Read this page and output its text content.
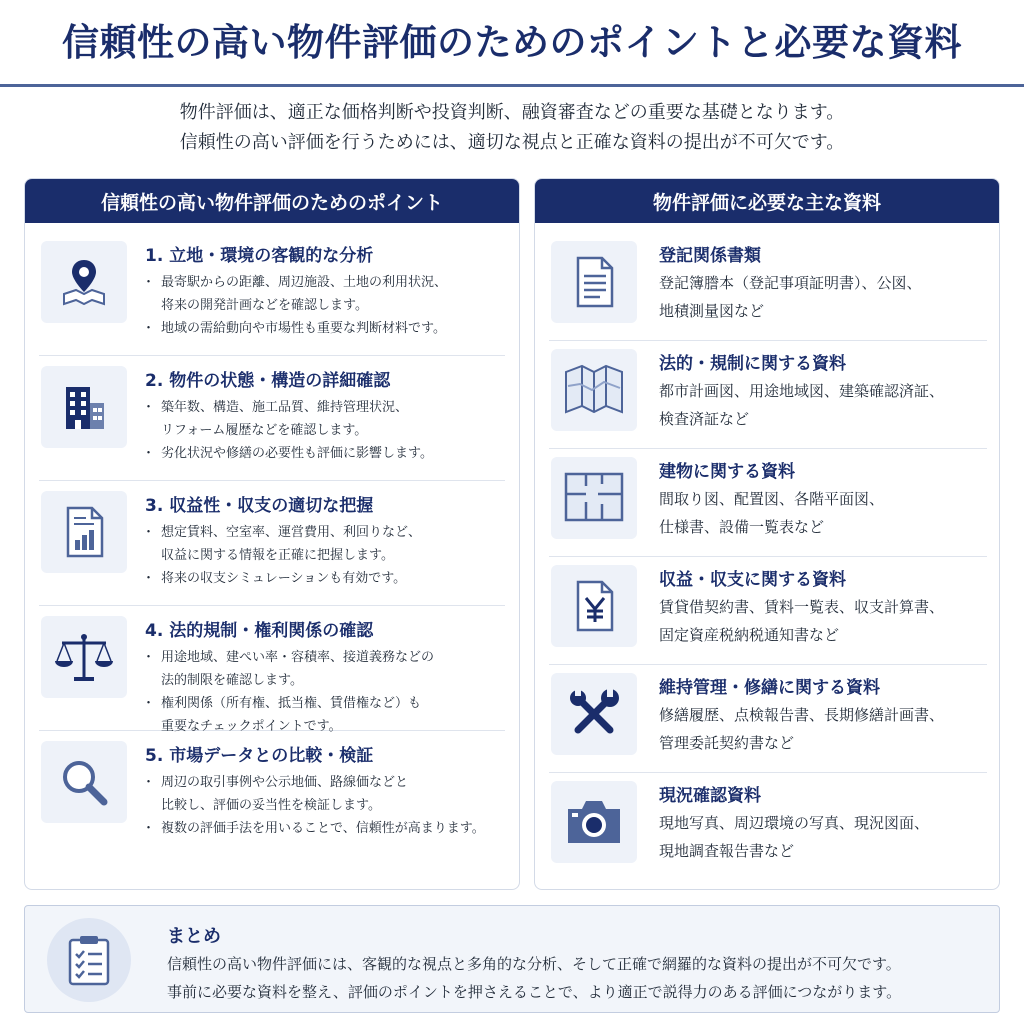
信頼性の高い物件評価のためのポイントと必要な資料
物件評価は、適正な価格判断や投資判断、融資審査などの重要な基礎となります。
信頼性の高い評価を行うためには、適切な視点と正確な資料の提出が不可欠です。
信頼性の高い物件評価のためのポイント
1. 立地・環境の客観的な分析
・ 最寄駅からの距離、周辺施設、土地の利用状況、
将来の開発計画などを確認します。
・ 地域の需給動向や市場性も重要な判断材料です。
2. 物件の状態・構造の詳細確認
・ 築年数、構造、施工品質、維持管理状況、
リフォーム履歴などを確認します。
・ 劣化状況や修繕の必要性も評価に影響します。
3. 収益性・収支の適切な把握
・ 想定賃料、空室率、運営費用、利回りなど、
収益に関する情報を正確に把握します。
・ 将来の収支シミュレーションも有効です。
4. 法的規制・権利関係の確認
・ 用途地域、建ぺい率・容積率、接道義務などの
法的制限を確認します。
・ 権利関係（所有権、抵当権、賃借権など）も
重要なチェックポイントです。
5. 市場データとの比較・検証
・ 周辺の取引事例や公示地価、路線価などと
比較し、評価の妥当性を検証します。
・ 複数の評価手法を用いることで、信頼性が高まります。
物件評価に必要な主な資料
登記関係書類
登記簿謄本（登記事項証明書）、公図、
地積測量図など
法的・規制に関する資料
都市計画図、用途地域図、建築確認済証、
検査済証など
建物に関する資料
間取り図、配置図、各階平面図、
仕様書、設備一覧表など
収益・収支に関する資料
賃貸借契約書、賃料一覧表、収支計算書、
固定資産税納税通知書など
維持管理・修繕に関する資料
修繕履歴、点検報告書、長期修繕計画書、
管理委託契約書など
現況確認資料
現地写真、周辺環境の写真、現況図面、
現地調査報告書など
まとめ
信頼性の高い物件評価には、客観的な視点と多角的な分析、そして正確で網羅的な資料の提出が不可欠です。
事前に必要な資料を整え、評価のポイントを押さえることで、より適正で説得力のある評価につながります。
